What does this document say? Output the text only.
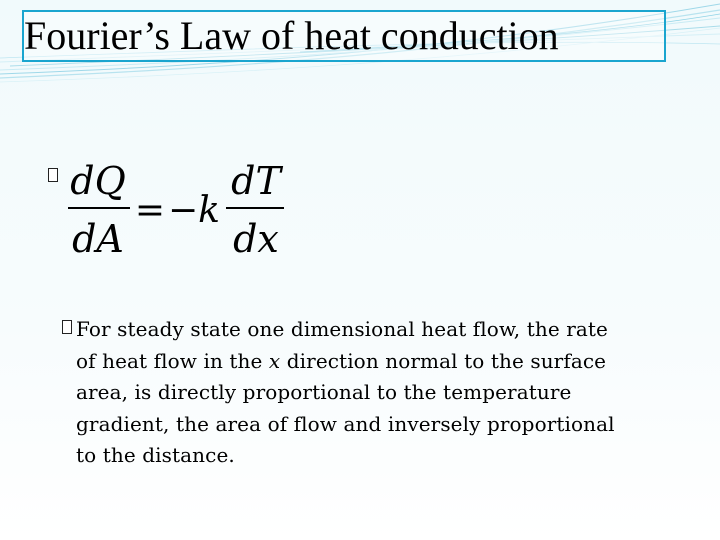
Fourier’s Law of heat conduction
dQ
dA
= −k
dT
dx
For steady state one dimensional heat flow, the rate
of heat flow in the x direction normal to the surface
area, is directly proportional to the temperature
gradient, the area of flow and inversely proportional
to the distance.
